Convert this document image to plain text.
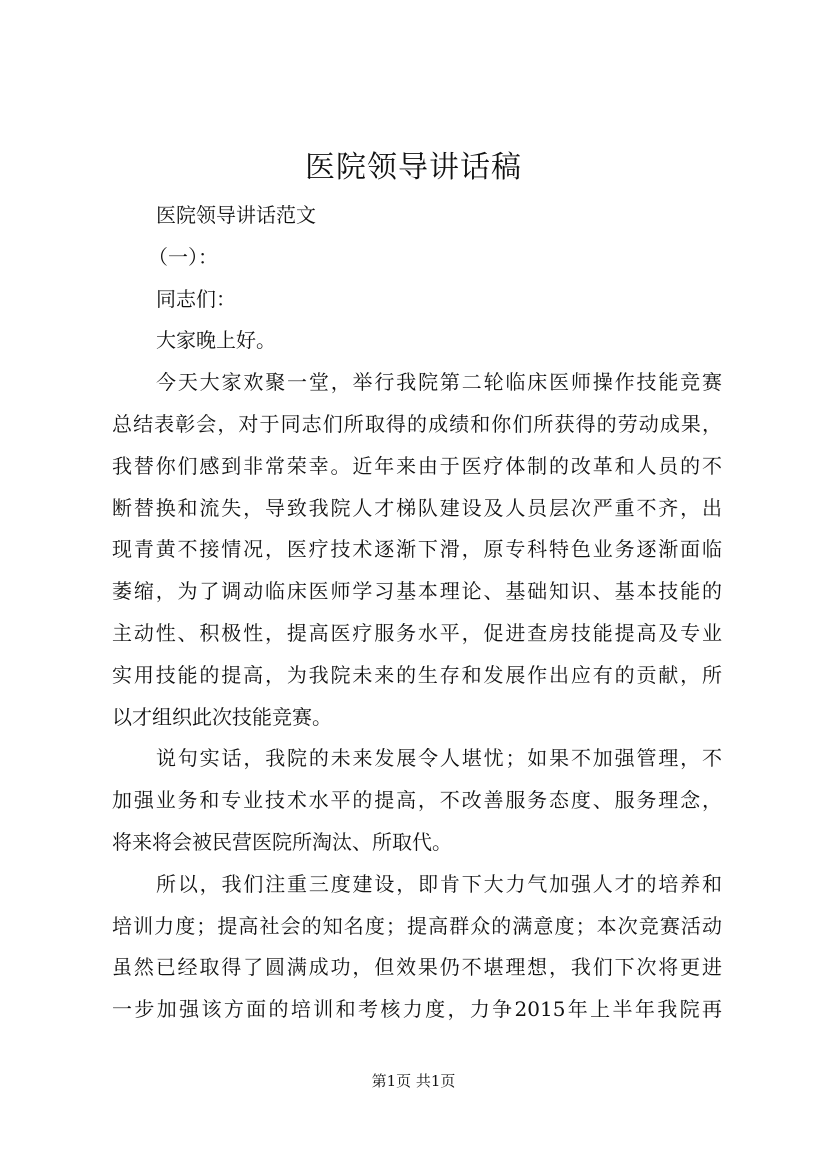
医院领导讲话稿
医院领导讲话范文
（一）：
同志们：
大家晚上好。
今天大家欢聚一堂，举行我院第二轮临床医师操作技能竞赛
总结表彰会，对于同志们所取得的成绩和你们所获得的劳动成果，
我替你们感到非常荣幸。近年来由于医疗体制的改革和人员的不
断替换和流失，导致我院人才梯队建设及人员层次严重不齐，出
现青黄不接情况，医疗技术逐渐下滑，原专科特色业务逐渐面临
萎缩，为了调动临床医师学习基本理论、基础知识、基本技能的
主动性、积极性，提高医疗服务水平，促进查房技能提高及专业
实用技能的提高，为我院未来的生存和发展作出应有的贡献，所
以才组织此次技能竞赛。
说句实话，我院的未来发展令人堪忧；如果不加强管理，不
加强业务和专业技术水平的提高，不改善服务态度、服务理念，
将来将会被民营医院所淘汰、所取代。
所以，我们注重三度建设，即肯下大力气加强人才的培养和
培训力度；提高社会的知名度；提高群众的满意度；本次竞赛活动
虽然已经取得了圆满成功，但效果仍不堪理想，我们下次将更进
一步加强该方面的培训和考核力度，力争2015年上半年我院再
第1页 共1页
